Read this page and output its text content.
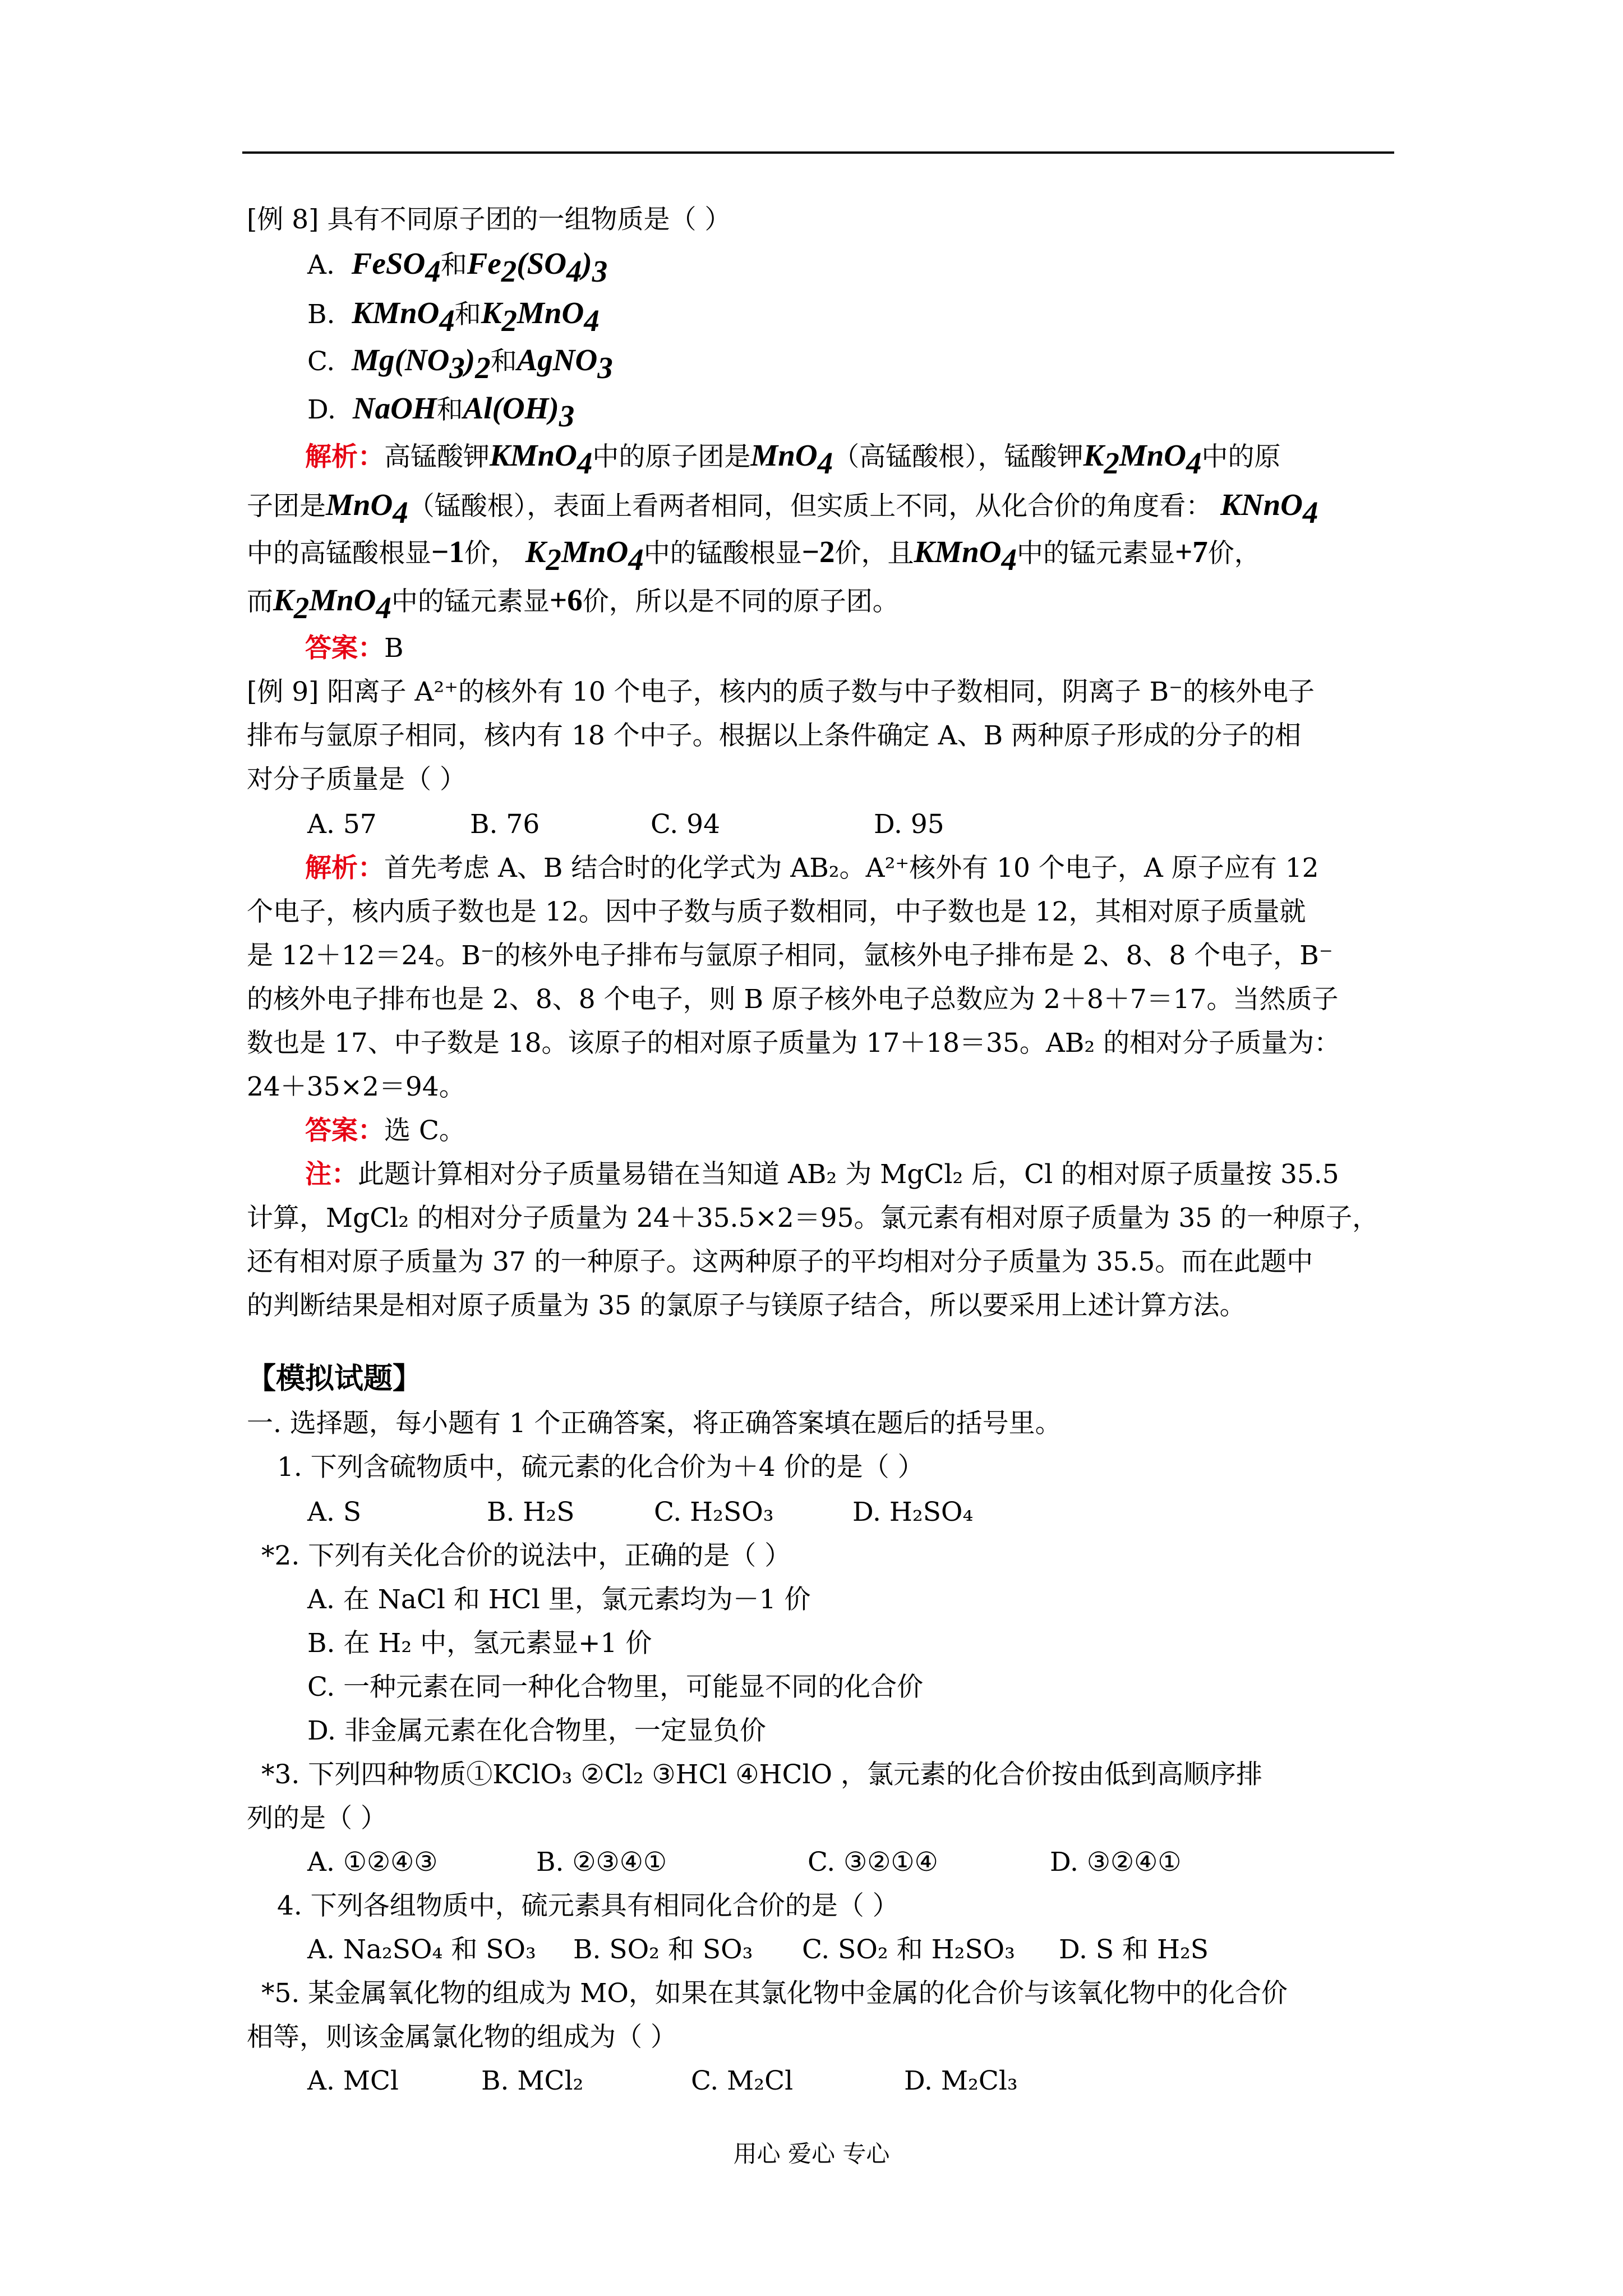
[例 8] 具有不同原子团的一组物质是（ ）
A. FeSO$_4$和$Fe_2(SO_4)_3$
B. KMnO$_4$和$K_2MnO_4$
C. $Mg(NO_3)_2$和AgNO$_3$
D. NaOH和$Al(OH)_3$
解析：高锰酸钾KMnO$_4$中的原子团是MnO$_4$（高锰酸根），锰酸钾$K_2MnO_4$中的原
子团是MnO$_4$（锰酸根），表面上看两者相同，但实质上不同，从化合价的角度看： KNnO$_4$
中的高锰酸根显−1价， $K_2MnO_4$中的锰酸根显−2价，且KMnO$_4$中的锰元素显+7价，
而$K_2MnO_4$中的锰元素显+6价，所以是不同的原子团。
答案：B
[例 9] 阳离子 A²⁺的核外有 10 个电子，核内的质子数与中子数相同，阴离子 B⁻的核外电子
排布与氩原子相同，核内有 18 个中子。根据以上条件确定 A、B 两种原子形成的分子的相
对分子质量是（ ）
A. 57	B. 76	C. 94	D. 95
解析：首先考虑 A、B 结合时的化学式为 AB₂。A²⁺核外有 10 个电子，A 原子应有 12
个电子，核内质子数也是 12。因中子数与质子数相同，中子数也是 12，其相对原子质量就
是 12＋12＝24。B⁻的核外电子排布与氩原子相同，氩核外电子排布是 2、8、8 个电子，B⁻
的核外电子排布也是 2、8、8 个电子，则 B 原子核外电子总数应为 2＋8＋7＝17。当然质子
数也是 17、中子数是 18。该原子的相对原子质量为 17＋18＝35。AB₂ 的相对分子质量为：
24＋35×2＝94。
答案：选 C。
注：此题计算相对分子质量易错在当知道 AB₂ 为 MgCl₂ 后，Cl 的相对原子质量按 35.5
计算，MgCl₂ 的相对分子质量为 24＋35.5×2＝95。氯元素有相对原子质量为 35 的一种原子，
还有相对原子质量为 37 的一种原子。这两种原子的平均相对分子质量为 35.5。而在此题中
的判断结果是相对原子质量为 35 的氯原子与镁原子结合，所以要采用上述计算方法。
【模拟试题】
一. 选择题，每小题有 1 个正确答案，将正确答案填在题后的括号里。
1. 下列含硫物质中，硫元素的化合价为＋4 价的是（ ）
A. S	B. H₂S	C. H₂SO₃	D. H₂SO₄
*2. 下列有关化合价的说法中，正确的是（ ）
A. 在 NaCl 和 HCl 里，氯元素均为－1 价
B. 在 H₂ 中，氢元素显+1 价
C. 一种元素在同一种化合物里，可能显不同的化合价
D. 非金属元素在化合物里，一定显负价
*3. 下列四种物质①KClO₃ ②Cl₂ ③HCl ④HClO ，氯元素的化合价按由低到高顺序排
列的是（ ）
A. ①②④③	B. ②③④①	C. ③②①④	D. ③②④①
4. 下列各组物质中，硫元素具有相同化合价的是（ ）
A. Na₂SO₄ 和 SO₃ B. SO₂ 和 SO₃ C. SO₂ 和 H₂SO₃ D. S 和 H₂S
*5. 某金属氧化物的组成为 MO，如果在其氯化物中金属的化合价与该氧化物中的化合价
相等，则该金属氯化物的组成为（ ）
A. MCl	B. MCl₂	C. M₂Cl	D. M₂Cl₃
用心 爱心 专心
